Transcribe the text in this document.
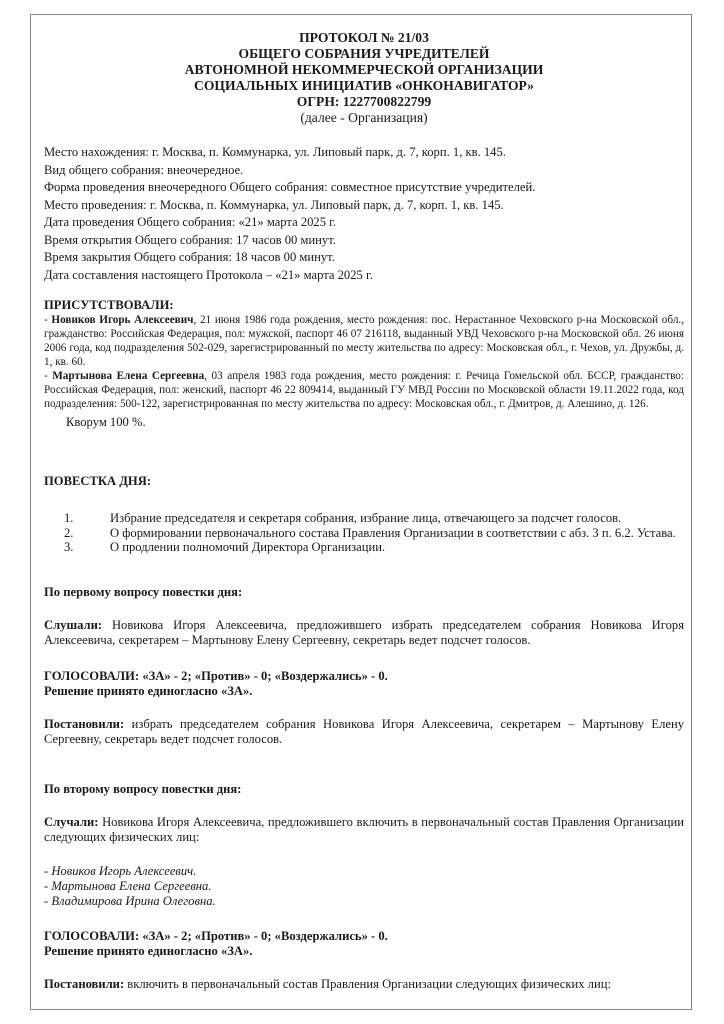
ПРОТОКОЛ № 21/03
ОБЩЕГО СОБРАНИЯ УЧРЕДИТЕЛЕЙ
АВТОНОМНОЙ НЕКОММЕРЧЕСКОЙ ОРГАНИЗАЦИИ
СОЦИАЛЬНЫХ ИНИЦИАТИВ «ОНКОНАВИГАТОР»
ОГРН: 1227700822799
(далее - Организация)
Место нахождения: г. Москва, п. Коммунарка, ул. Липовый парк, д. 7, корп. 1, кв. 145.
Вид общего собрания: внеочередное.
Форма проведения внеочередного Общего собрания: совместное присутствие учредителей.
Место проведения: г. Москва, п. Коммунарка, ул. Липовый парк, д. 7, корп. 1, кв. 145.
Дата проведения Общего собрания: «21» марта 2025 г.
Время открытия Общего собрания: 17 часов 00 минут.
Время закрытия Общего собрания: 18 часов 00 минут.
Дата составления настоящего Протокола – «21» марта 2025 г.
ПРИСУТСТВОВАЛИ:

- Новиков Игорь Алексеевич, 21 июня 1986 года рождения, место рождения: пос. Нерастанное Чеховского р-на Московской обл., гражданство: Российская Федерация, пол: мужской, паспорт 46 07 216118, выданный УВД Чеховского р-на Московской обл. 26 июня 2006 года, код подразделения 502-029, зарегистрированный по месту жительства по адресу: Московская обл., г. Чехов, ул. Дружбы, д. 1, кв. 60.

- Мартынова Елена Сергеевна, 03 апреля 1983 года рождения, место рождения: г. Речица Гомельской обл. БССР, гражданство: Российская Федерация, пол: женский, паспорт 46 22 809414, выданный ГУ МВД России по Московской области 19.11.2022 года, код подразделения: 500-122, зарегистрированная по месту жительства по адресу: Московская обл., г. Дмитров, д. Алешино, д. 126.

Кворум 100 %.
ПОВЕСТКА ДНЯ:
1.	Избрание председателя и секретаря собрания, избрание лица, отвечающего за подсчет голосов.
2.	О формировании первоначального состава Правления Организации в соответствии с абз. 3 п. 6.2. Устава.
3.	О продлении полномочий Директора Организации.
По первому вопросу повестки дня:
Слушали: Новикова Игоря Алексеевича, предложившего избрать председателем собрания Новикова Игоря Алексеевича, секретарем – Мартынову Елену Сергеевну, секретарь ведет подсчет голосов.
ГОЛОСОВАЛИ: «ЗА» - 2; «Против» - 0; «Воздержались» - 0.
Решение принято единогласно «ЗА».
Постановили: избрать председателем собрания Новикова Игоря Алексеевича, секретарем – Мартынову Елену Сергеевну, секретарь ведет подсчет голосов.
По второму вопросу повестки дня:
Случали: Новикова Игоря Алексеевича, предложившего включить в первоначальный состав Правления Организации следующих физических лиц:
- Новиков Игорь Алексеевич.
- Мартынова Елена Сергеевна.
- Владимирова Ирина Олеговна.
ГОЛОСОВАЛИ: «ЗА» - 2; «Против» - 0; «Воздержались» - 0.
Решение принято единогласно «ЗА».
Постановили: включить в первоначальный состав Правления Организации следующих физических лиц:
